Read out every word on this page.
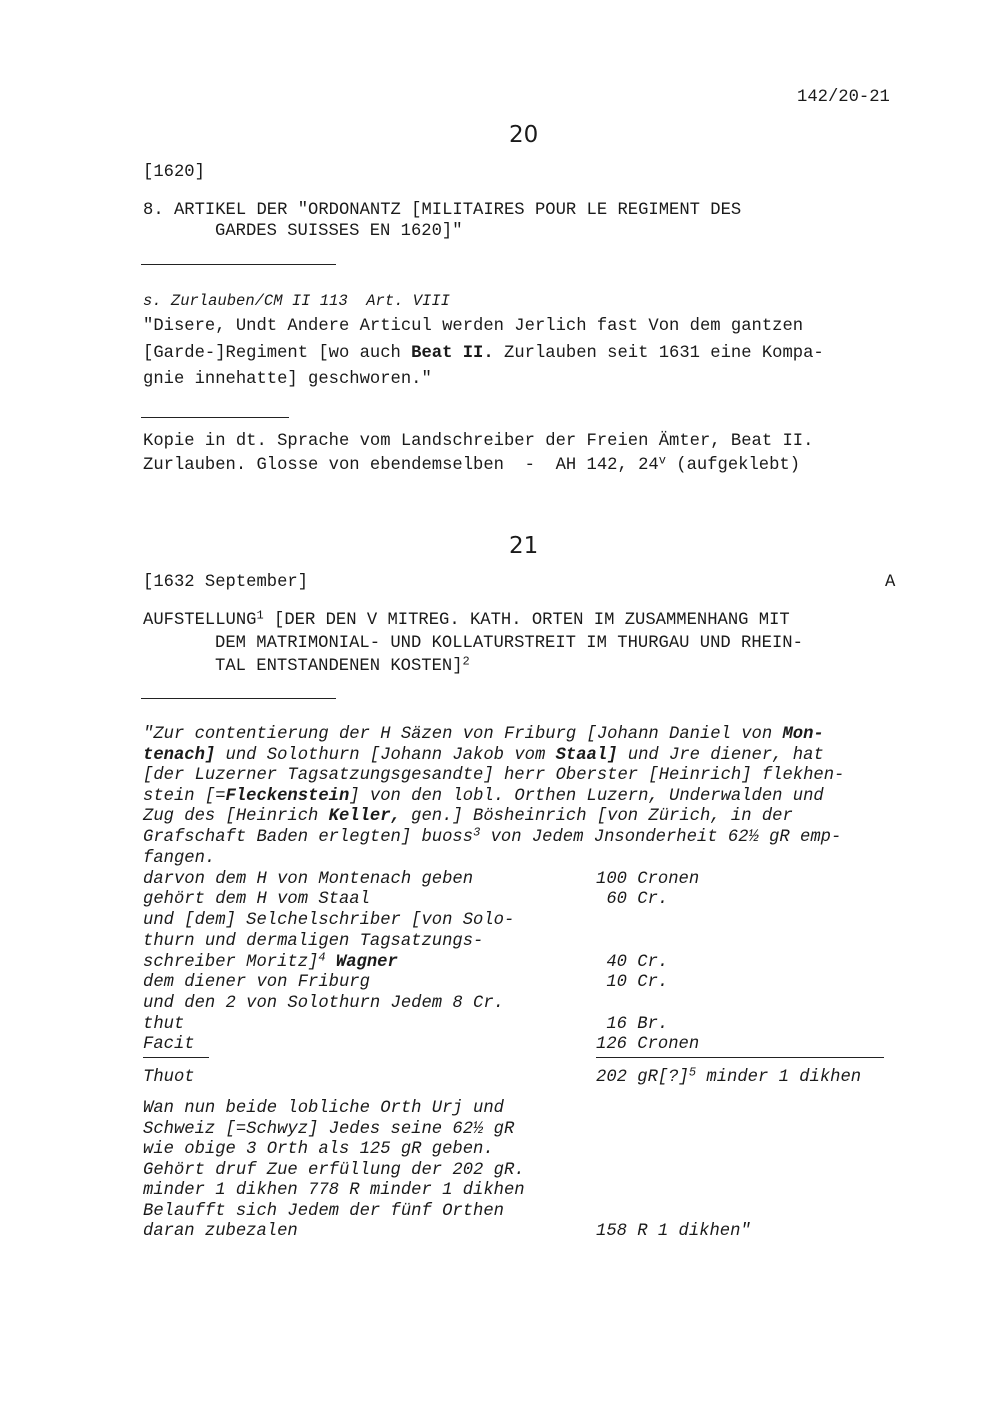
142/20-21
20
[1620]
8. ARTIKEL DER "ORDONANTZ [MILITAIRES POUR LE REGIMENT DES
GARDES SUISSES EN 1620]"
s. Zurlauben/CM II 113  Art. VIII
"Disere, Undt Andere Articul werden Jerlich fast Von dem gantzen
[Garde-]Regiment [wo auch Beat II. Zurlauben seit 1631 eine Kompa-
gnie innehatte] geschworen."
Kopie in dt. Sprache vom Landschreiber der Freien Ämter, Beat II.
Zurlauben. Glosse von ebendemselben  -  AH 142, 24$^v$ (aufgeklebt)
21
[1632 September]	A
AUFSTELLUNG$^1$ [DER DEN V MITREG. KATH. ORTEN IM ZUSAMMENHANG MIT
DEM MATRIMONIAL- UND KOLLATURSTREIT IM THURGAU UND RHEIN-
TAL ENTSTANDENEN KOSTEN]$^2$
"Zur contentierung der H Säzen von Friburg [Johann Daniel von Mon-
tenach] und Solothurn [Johann Jakob vom Staal] und Jre diener, hat
[der Luzerner Tagsatzungsgesandte] herr Oberster [Heinrich] flekhen-
stein [=Fleckenstein] von den lobl. Orthen Luzern, Underwalden und
Zug des [Heinrich Keller, gen.] Bösheinrich [von Zürich, in der
Grafschaft Baden erlegten] buoss$^3$ von Jedem Jnsonderheit 62½ gR emp-
fangen.
darvon dem H von Montenach geben	100 Cronen
gehört dem H vom Staal	60 Cr.
und [dem] Selchelschriber [von Solo-
thurn und dermaligen Tagsatzungs-
schreiber Moritz]$^4$ Wagner	40 Cr.
dem diener von Friburg	10 Cr.
und den 2 von Solothurn Jedem 8 Cr.
thut	16 Br.
Facit	126 Cronen
Thuot	202 gR[?]$^5$ minder 1 dikhen
Wan nun beide lobliche Orth Urj und
Schweiz [=Schwyz] Jedes seine 62½ gR
wie obige 3 Orth als 125 gR geben.
Gehört druf Zue erfüllung der 202 gR.
minder 1 dikhen 778 R minder 1 dikhen
Belaufft sich Jedem der fünf Orthen
daran zubezalen	158 R 1 dikhen"
